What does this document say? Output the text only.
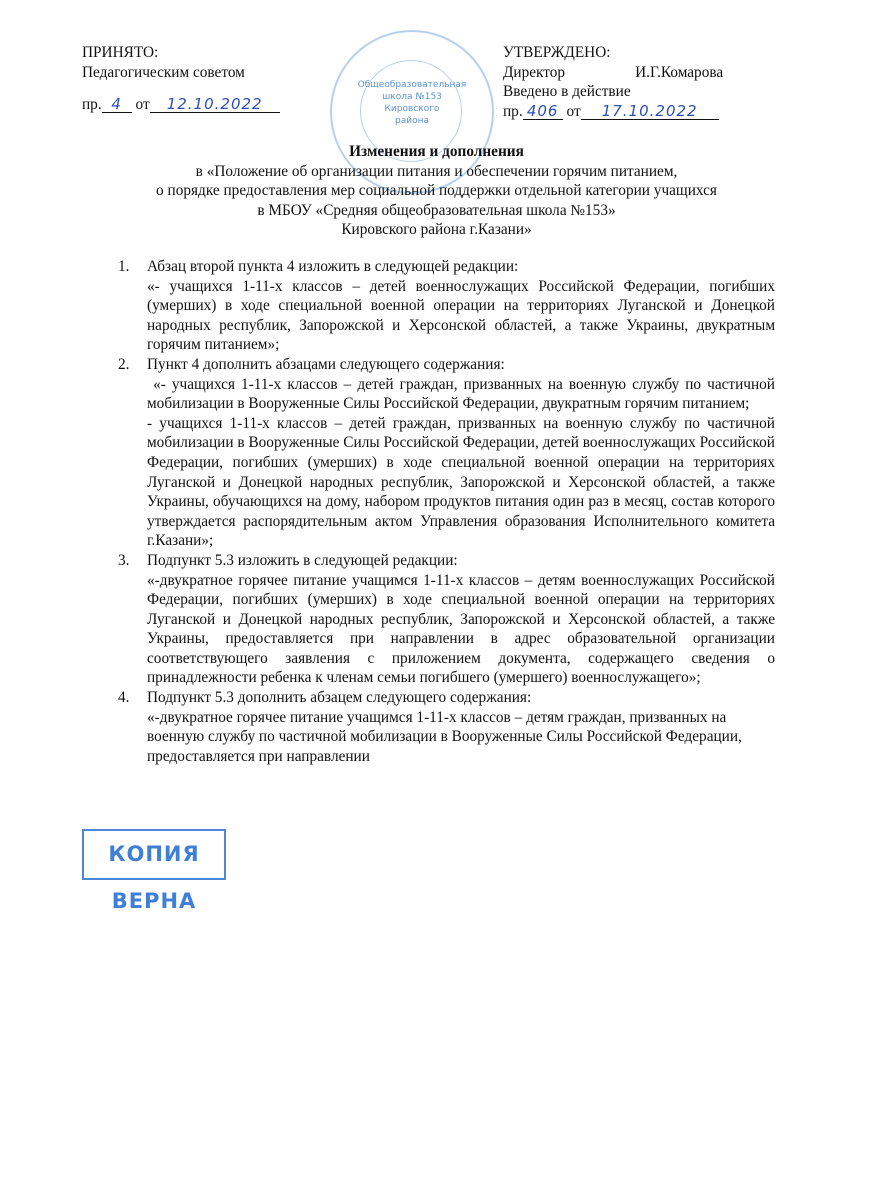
Общеобразовательная
школа №153
Кировского
района
ПРИНЯТО:
Педагогическим советом
пр. 4 от 12.10.2022
УТВЕРЖДЕНО:
Директор	И.Г.Комарова
Введено в действие
пр. 406 от 17.10.2022
Изменения и дополнения
в «Положение об организации питания и обеспечении горячим питанием,
о порядке предоставления мер социальной поддержки отдельной категории учащихся
в МБОУ «Средняя общеобразовательная школа №153»
Кировского района г.Казани»
1. Абзац второй пункта 4 изложить в следующей редакции:
«- учащихся 1-11-х классов – детей военнослужащих Российской Федерации, погибших (умерших) в ходе специальной военной операции на территориях Луганской и Донецкой народных республик, Запорожской и Херсонской областей, а также Украины, двукратным горячим питанием»;
2. Пункт 4 дополнить абзацами следующего содержания:
«- учащихся 1-11-х классов – детей граждан, призванных на военную службу по частичной мобилизации в Вооруженные Силы Российской Федерации, двукратным горячим питанием;
- учащихся 1-11-х классов – детей граждан, призванных на военную службу по частичной мобилизации в Вооруженные Силы Российской Федерации, детей военнослужащих Российской Федерации, погибших (умерших) в ходе специальной военной операции на территориях Луганской и Донецкой народных республик, Запорожской и Херсонской областей, а также Украины, обучающихся на дому, набором продуктов питания один раз в месяц, состав которого утверждается распорядительным актом Управления образования Исполнительного комитета г.Казани»;
3. Подпункт 5.3 изложить в следующей редакции:
«-двукратное горячее питание учащимся 1-11-х классов – детям военнослужащих Российской Федерации, погибших (умерших) в ходе специальной военной операции на территориях Луганской и Донецкой народных республик, Запорожской и Херсонской областей, а также Украины, предоставляется при направлении в адрес образовательной организации соответствующего заявления с приложением документа, содержащего сведения о принадлежности ребенка к членам семьи погибшего (умершего) военнослужащего»;
4. Подпункт 5.3 дополнить абзацем следующего содержания:
«-двукратное горячее питание учащимся 1-11-х классов – детям граждан, призванных на военную службу по частичной мобилизации в Вооруженные Силы Российской Федерации, предоставляется при направлении
КОПИЯ ВЕРНА
